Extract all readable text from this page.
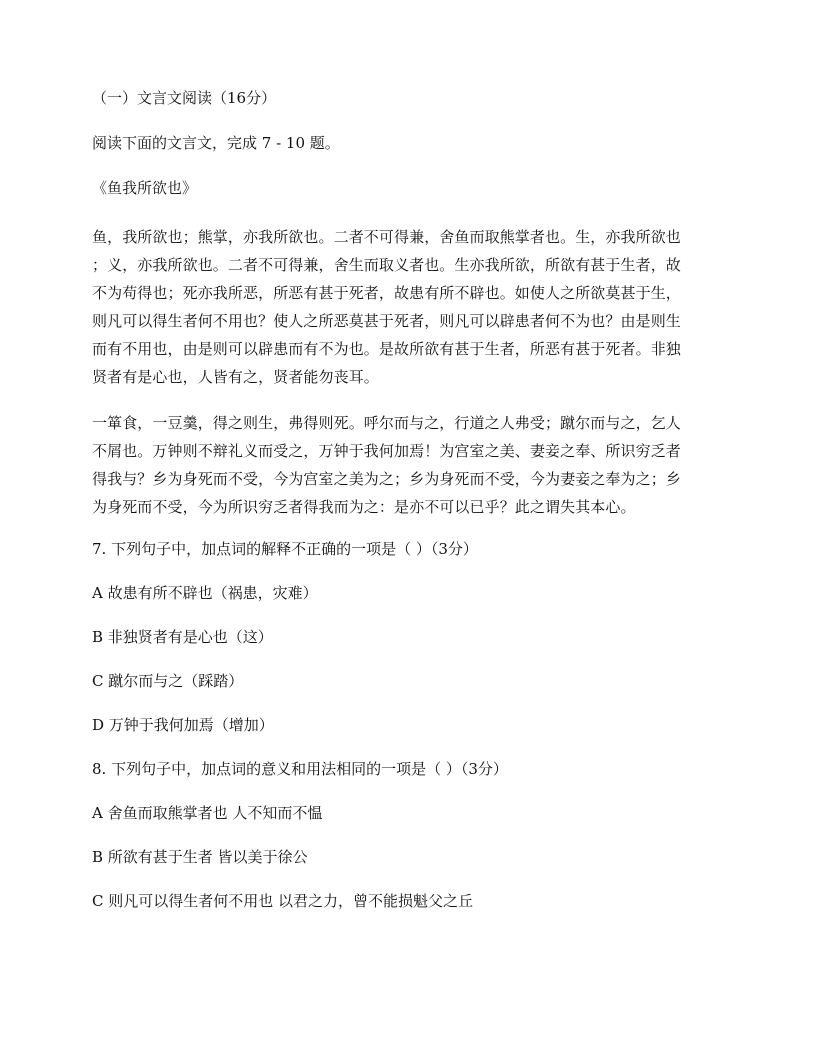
（一）文言文阅读（16分）

阅读下面的文言文，完成 7 - 10 题。

《鱼我所欲也》

鱼，我所欲也；熊掌，亦我所欲也。二者不可得兼，舍鱼而取熊掌者也。生，亦我所欲也
；义，亦我所欲也。二者不可得兼，舍生而取义者也。生亦我所欲，所欲有甚于生者，故
不为苟得也；死亦我所恶，所恶有甚于死者，故患有所不辟也。如使人之所欲莫甚于生，
则凡可以得生者何不用也？使人之所恶莫甚于死者，则凡可以辟患者何不为也？由是则生
而有不用也，由是则可以辟患而有不为也。是故所欲有甚于生者，所恶有甚于死者。非独
贤者有是心也，人皆有之，贤者能勿丧耳。
一箪食，一豆羹，得之则生，弗得则死。呼尔而与之，行道之人弗受；蹴尔而与之，乞人
不屑也。万钟则不辩礼义而受之，万钟于我何加焉！为宫室之美、妻妾之奉、所识穷乏者
得我与？乡为身死而不受，今为宫室之美为之；乡为身死而不受，今为妻妾之奉为之；乡
为身死而不受，今为所识穷乏者得我而为之：是亦不可以已乎？此之谓失其本心。

7. 下列句子中，加点词的解释不正确的一项是（ ）（3分）

A 故患有所不辟也（祸患，灾难）

B 非独贤者有是心也（这）

C 蹴尔而与之（踩踏）

D 万钟于我何加焉（增加）

8. 下列句子中，加点词的意义和用法相同的一项是（ ）（3分）

A 舍鱼而取熊掌者也 人不知而不愠

B 所欲有甚于生者 皆以美于徐公

C 则凡可以得生者何不用也 以君之力，曾不能损魁父之丘
